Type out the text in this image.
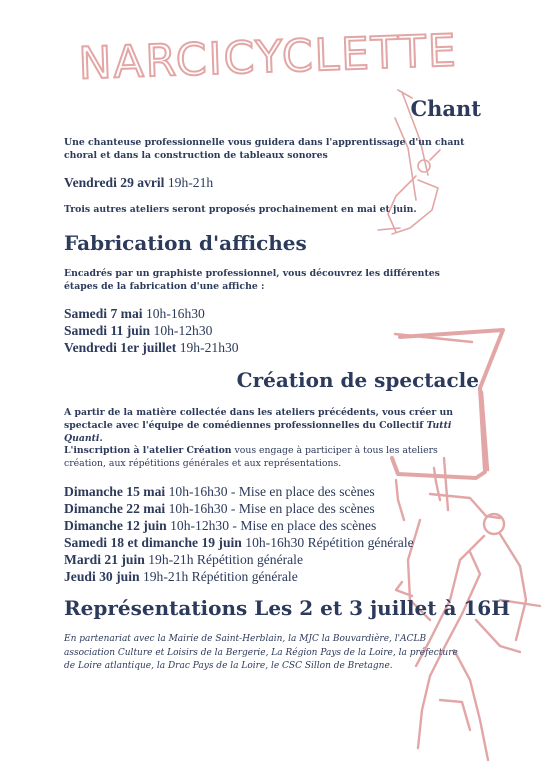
NARCICYCLETTE
Chant
Une chanteuse professionnelle vous guidera dans l'apprentissage d'un chant choral et dans la construction de tableaux sonores
Vendredi 29 avril 19h-21h
Trois autres ateliers seront proposés prochainement en mai et juin.
Fabrication d'affiches
Encadrés par un graphiste professionnel, vous découvrez les différentes étapes de la fabrication d'une affiche :
Samedi 7 mai 10h-16h30
Samedi 11 juin 10h-12h30
Vendredi 1er juillet 19h-21h30
Création de spectacle
A partir de la matière collectée dans les ateliers précédents, vous créer un spectacle avec l'équipe de comédiennes professionnelles du Collectif Tutti Quanti.
L'inscription à l'atelier Création vous engage à participer à tous les ateliers création, aux répétitions générales et aux représentations.
Dimanche 15 mai 10h-16h30 - Mise en place des scènes
Dimanche 22 mai 10h-16h30 - Mise en place des scènes
Dimanche 12 juin 10h-12h30 - Mise en place des scènes
Samedi 18 et dimanche 19 juin 10h-16h30 Répétition générale
Mardi 21 juin 19h-21h Répétition générale
Jeudi 30 juin 19h-21h Répétition générale
Représentations Les 2 et 3 juillet à 16H
En partenariat avec la Mairie de Saint-Herblain, la MJC la Bouvardière, l'ACLB association Culture et Loisirs de la Bergerie, La Région Pays de la Loire, la préfecture de Loire atlantique, la Drac Pays de la Loire, le CSC Sillon de Bretagne.
